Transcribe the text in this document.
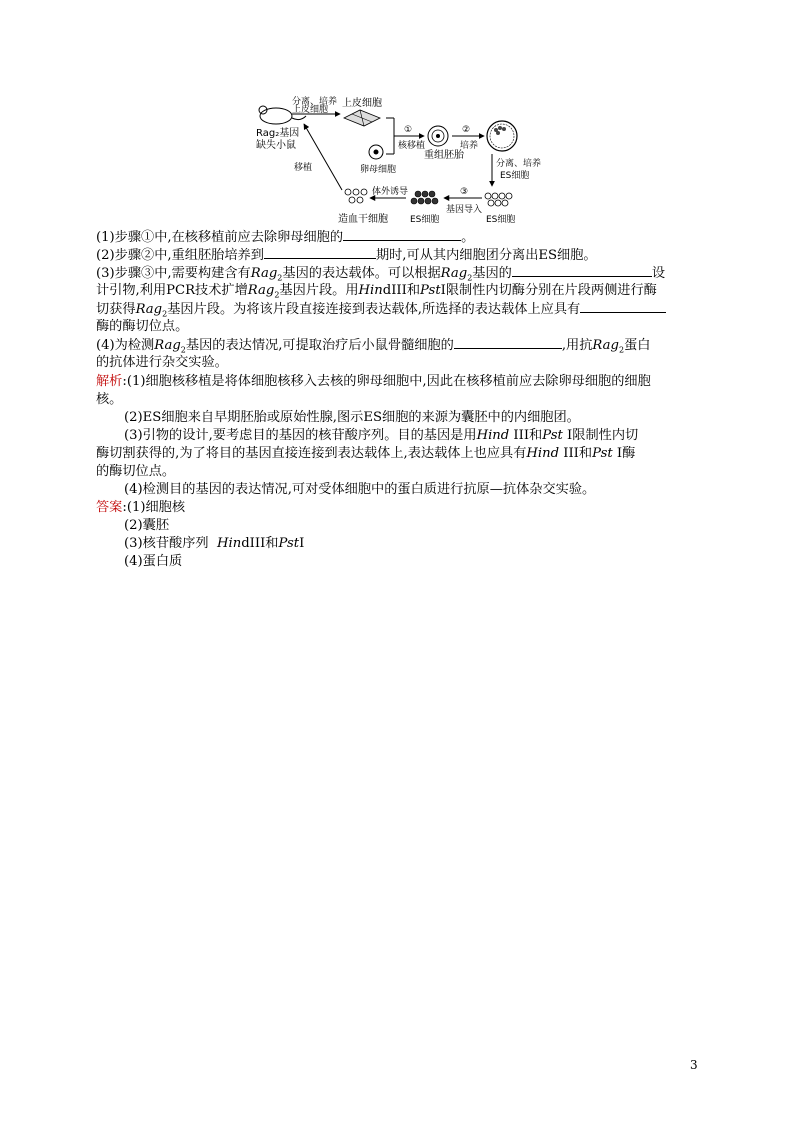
Rag₂基因
缺失小鼠
分离、培养
上皮细胞
上皮细胞
①
核移植
卵母细胞
重组胚胎
②
培养
分离、培养
ES细胞
ES细胞
③
基因导入
ES细胞
体外诱导
造血干细胞
移植
(1)步骤①中,在核移植前应去除卵母细胞的	。
(2)步骤②中,重组胚胎培养到	期时,可从其内细胞团分离出ES细胞。
(3)步骤③中,需要构建含有Rag$_2$基因的表达载体。可以根据Rag$_2$基因的	设
计引物,利用PCR技术扩增Rag$_2$基因片段。用HindIII和PstI限制性内切酶分别在片段两侧进行酶
切获得Rag$_2$基因片段。为将该片段直接连接到表达载体,所选择的表达载体上应具有
酶的酶切位点。
(4)为检测Rag$_2$基因的表达情况,可提取治疗后小鼠骨髓细胞的	,用抗Rag$_2$蛋白
的抗体进行杂交实验。
解析:(1)细胞核移植是将体细胞核移入去核的卵母细胞中,因此在核移植前应去除卵母细胞的细胞
核。
(2)ES细胞来自早期胚胎或原始性腺,图示ES细胞的来源为囊胚中的内细胞团。
(3)引物的设计,要考虑目的基因的核苷酸序列。目的基因是用Hind III和Pst I限制性内切
酶切割获得的,为了将目的基因直接连接到表达载体上,表达载体上也应具有Hind III和Pst I酶
的酶切位点。
(4)检测目的基因的表达情况,可对受体细胞中的蛋白质进行抗原—抗体杂交实验。
答案:(1)细胞核
(2)囊胚
(3)核苷酸序列 HindIII和PstI
(4)蛋白质
3
